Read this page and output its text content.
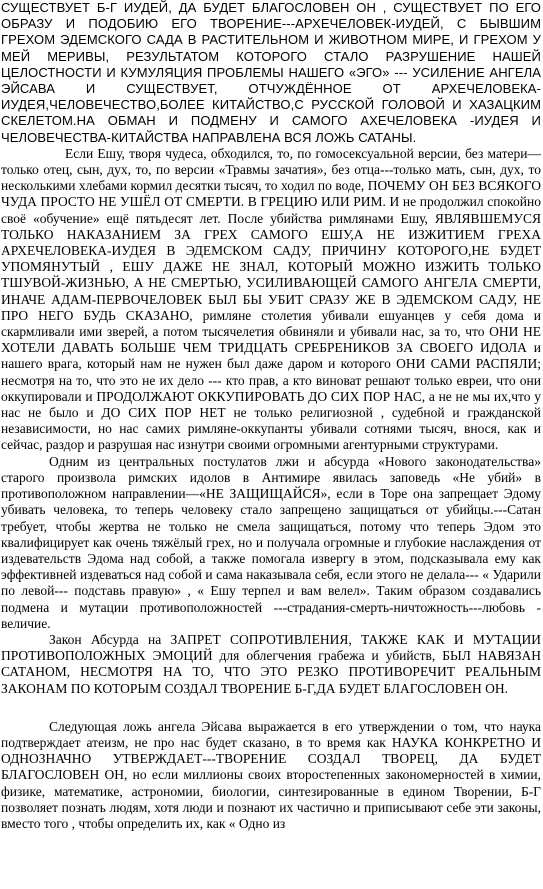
СУЩЕСТВУЕТ Б-Г ИУДЕЙ, ДА БУДЕТ БЛАГОСЛОВЕН ОН , СУЩЕСТВУЕТ ПО ЕГО ОБРАЗУ И ПОДОБИЮ ЕГО ТВОРЕНИЕ---АРХЕЧЕЛОВЕК-ИУДЕЙ, С БЫВШИМ ГРЕХОМ ЭДЕМСКОГО САДА В РАСТИТЕЛЬНОМ И ЖИВОТНОМ МИРЕ, И ГРЕХОМ У МЕЙ МЕРИВЫ, РЕЗУЛЬТАТОМ КОТОРОГО СТАЛО РАЗРУШЕНИЕ НАШЕЙ ЦЕЛОСТНОСТИ И КУМУЛЯЦИЯ ПРОБЛЕМЫ НАШЕГО «ЭГО» --- УСИЛЕНИЕ АНГЕЛА ЭЙСАВА И СУЩЕСТВУЕТ, ОТЧУЖДЁННОЕ ОТ АРХЕЧЕЛОВЕКА-ИУДЕЯ,ЧЕЛОВЕЧЕСТВО,БОЛЕЕ КИТАЙСТВО,С РУССКОЙ ГОЛОВОЙ И ХАЗАЦКИМ СКЕЛЕТОМ.НА ОБМАН И ПОДМЕНУ И САМОГО АХЕЧЕЛОВЕКА -ИУДЕЯ И ЧЕЛОВЕЧЕСТВА-КИТАЙСТВА НАПРАВЛЕНА ВСЯ ЛОЖЬ САТАНЫ.

Если Ешу, творя чудеса, обходился, то, по гомосексуальной версии, без матери—только отец, сын, дух, то, по версии «Травмы зачатия», без отца---только мать, сын, дух, то несколькими хлебами кормил десятки тысяч, то ходил по воде, ПОЧЕМУ ОН БЕЗ ВСЯКОГО ЧУДА ПРОСТО НЕ УШЁЛ ОТ СМЕРТИ. В ГРЕЦИЮ ИЛИ РИМ. И не продолжил спокойно своё «обучение» ещё пятьдесят лет. После убийства римлянами Ешу, ЯВЛЯВШЕМУСЯ ТОЛЬКО НАКАЗАНИЕМ ЗА ГРЕХ САМОГО ЕШУ,А НЕ ИЗЖИТИЕМ ГРЕХА АРХЕЧЕЛОВЕКА-ИУДЕЯ В ЭДЕМСКОМ САДУ, ПРИЧИНУ КОТОРОГО,НЕ БУДЕТ УПОМЯНУТЫЙ , ЕШУ ДАЖЕ НЕ ЗНАЛ, КОТОРЫЙ МОЖНО ИЗЖИТЬ ТОЛЬКО ТШУВОЙ-ЖИЗНЬЮ, А НЕ СМЕРТЬЮ, УСИЛИВАЮЩЕЙ САМОГО АНГЕЛА СМЕРТИ, ИНАЧЕ АДАМ-ПЕРВОЧЕЛОВЕК БЫЛ БЫ УБИТ СРАЗУ ЖЕ В ЭДЕМСКОМ САДУ, НЕ ПРО НЕГО БУДЬ СКАЗАНО, римляне столетия убивали ешуанцев у себя дома и скармливали ими зверей, а потом тысячелетия обвиняли и убивали нас, за то, что ОНИ НЕ ХОТЕЛИ ДАВАТЬ БОЛЬШЕ ЧЕМ ТРИДЦАТЬ СРЕБРЕНИКОВ ЗА СВОЕГО ИДОЛА и нашего врага, который нам не нужен был даже даром и которого ОНИ САМИ РАСПЯЛИ; несмотря на то, что это не их дело --- кто прав, а кто виноват решают только евреи, что они оккупировали и ПРОДОЛЖАЮТ ОККУПИРОВАТЬ ДО СИХ ПОР НАС, а не не мы их,что у нас не было и ДО СИХ ПОР НЕТ не только религиозной , судебной и гражданской независимости, но нас самих римляне-оккупанты убивали сотнями тысяч, внося, как и сейчас, раздор и разрушая нас изнутри своими огромными агентурными структурами.

Одним из центральных постулатов лжи и абсурда «Нового законодательства» старого произвола римских идолов в Антимире явилась заповедь «Не убий» в противоположном направлении—«НЕ ЗАЩИЩАЙСЯ», если в Торе она запрещает Эдому убивать человека, то теперь человеку стало запрещено защищаться от убийцы.---Сатан требует, чтобы жертва не только не смела защищаться, потому что теперь Эдом это квалифицирует как очень тяжёлый грех, но и получала огромные и глубокие наслаждения от издевательств Эдома над собой, а также помогала извергу в этом, подсказывала ему как эффективней издеваться над собой и сама наказывала себя, если этого не делала--- « Ударили по левой--- подставь правую» , « Ешу терпел и вам велел». Таким образом создавались подмена и мутации противоположностей ---страдания-смерть-ничтожность---любовь - величие.

Закон Абсурда на ЗАПРЕТ СОПРОТИВЛЕНИЯ, ТАКЖЕ КАК И МУТАЦИИ ПРОТИВОПОЛОЖНЫХ ЭМОЦИЙ для облегчения грабежа и убийств, БЫЛ НАВЯЗАН САТАНОМ, НЕСМОТРЯ НА ТО, ЧТО ЭТО РЕЗКО ПРОТИВОРЕЧИТ РЕАЛЬНЫМ ЗАКОНАМ ПО КОТОРЫМ СОЗДАЛ ТВОРЕНИЕ Б-Г,ДА БУДЕТ БЛАГОСЛОВЕН ОН.

Следующая ложь ангела Эйсава выражается в его утверждении о том, что наука подтверждает атеизм, не про нас будет сказано, в то время как НАУКА КОНКРЕТНО И ОДНОЗНАЧНО УТВЕРЖДАЕТ---ТВОРЕНИЕ СОЗДАЛ ТВОРЕЦ, ДА БУДЕТ БЛАГОСЛОВЕН ОН, но если миллионы своих второстепенных закономерностей в химии, физике, математике, астрономии, биологии, синтезированные в едином Творении, Б-Г позволяет познать людям, хотя люди и познают их частично и приписывают себе эти законы, вместо того , чтобы определить их, как « Одно из
